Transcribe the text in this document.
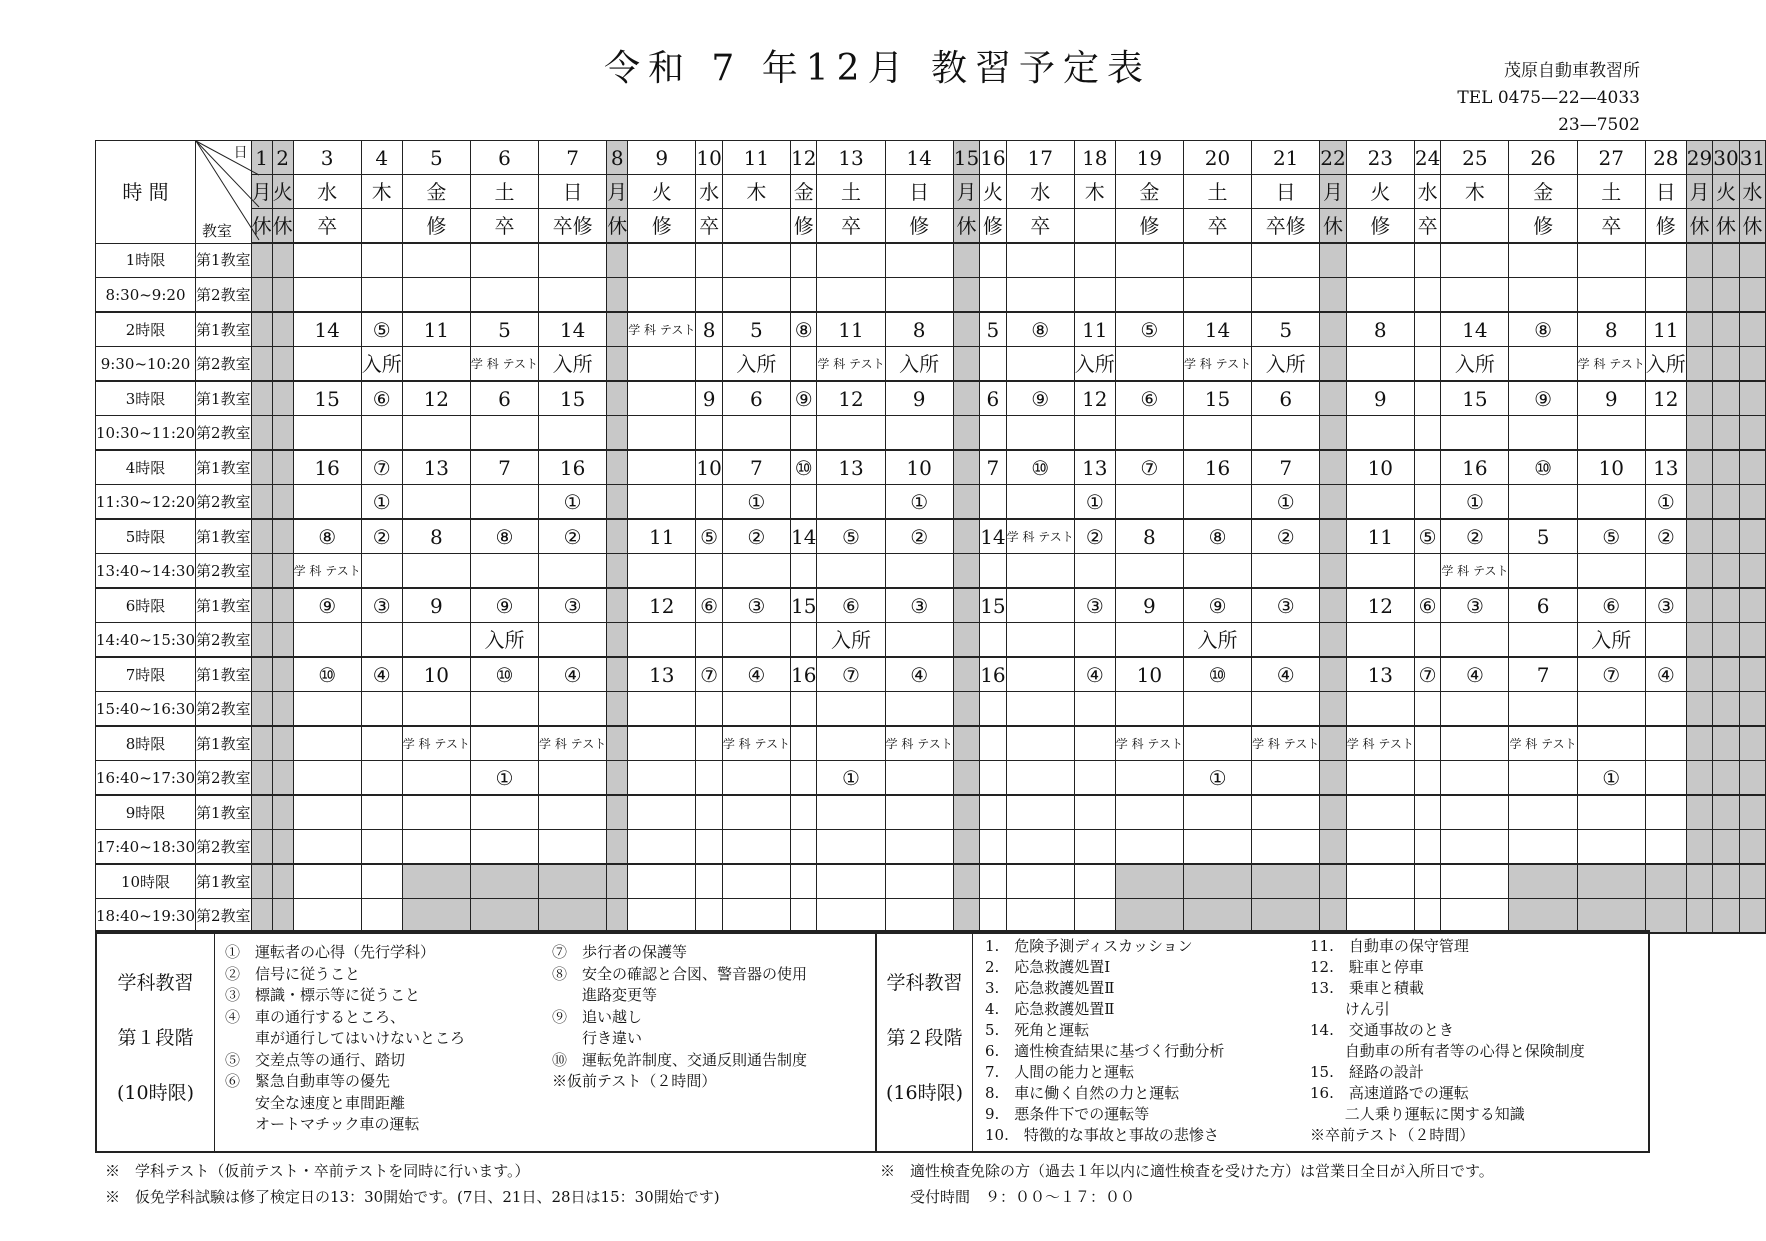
令和 7 年12月 教習予定表	茂原自動車教習所
TEL 0475—22—4033
23—7502
時 間	日
教室	1	2	3	4	5	6	7	8	9	10	11	12	13	14	15	16	17	18	19	20	21	22	23	24	25	26	27	28	29	30	31
		月	火	水	木	金	土	日	月	火	水	木	金	土	日	月	火	水	木	金	土	日	月	火	水	木	金	土	日	月	火	水
		休	休	卒		修	卒	卒修	休	修	卒		修	卒	修	休	修	卒		修	卒	卒修	休	修	卒		修	卒	修	休	休	休
1時限	第1教室																															
8:30~9:20	第2教室																															
2時限	第1教室			14	⑤	11	5	14		学 科 テスト	8	5	⑧	11	8		5	⑧	11	⑤	14	5		8		14	⑧	8	11			
9:30~10:20	第2教室				入所		学 科 テスト	入所				入所		学 科 テスト	入所				入所		学 科 テスト	入所				入所		学 科 テスト	入所			
3時限	第1教室			15	⑥	12	6	15			9	6	⑨	12	9		6	⑨	12	⑥	15	6		9		15	⑨	9	12			
10:30~11:20	第2教室																															
4時限	第1教室			16	⑦	13	7	16			10	7	⑩	13	10		7	⑩	13	⑦	16	7		10		16	⑩	10	13			
11:30~12:20	第2教室				①			①				①			①				①			①				①			①			
5時限	第1教室			⑧	②	8	⑧	②		11	⑤	②	14	⑤	②		14	学 科 テスト	②	8	⑧	②		11	⑤	②	5	⑤	②			
13:40~14:30	第2教室			学 科 テスト																						学 科 テスト						
6時限	第1教室			⑨	③	9	⑨	③		12	⑥	③	15	⑥	③		15		③	9	⑨	③		12	⑥	③	6	⑥	③			
14:40~15:30	第2教室						入所							入所							入所							入所				
7時限	第1教室			⑩	④	10	⑩	④		13	⑦	④	16	⑦	④		16		④	10	⑩	④		13	⑦	④	7	⑦	④			
15:40~16:30	第2教室																															
8時限	第1教室					学 科 テスト		学 科 テスト				学 科 テスト			学 科 テスト					学 科 テスト		学 科 テスト		学 科 テスト			学 科 テスト					
16:40~17:30	第2教室						①							①							①							①				
9時限	第1教室																															
17:40~18:30	第2教室																															
10時限	第1教室																															
18:40~19:30	第2教室																															
学科教習
第１段階
(10時限)
①　運転者の心得（先行学科）
②　信号に従うこと
③　標識・標示等に従うこと
④　車の通行するところ、
　　車が通行してはいけないところ
⑤　交差点等の通行、踏切
⑥　緊急自動車等の優先
　　安全な速度と車間距離
　　オートマチック車の運転
⑦　歩行者の保護等
⑧　安全の確認と合図、警音器の使用
　　進路変更等
⑨　追い越し
　　行き違い
⑩　運転免許制度、交通反則通告制度
※仮前テスト（２時間）
学科教習
第２段階
(16時限)
1.　危険予測ディスカッション
2.　応急救護処置Ⅰ
3.　応急救護処置Ⅱ
4.　応急救護処置Ⅱ
5.　死角と運転
6.　適性検査結果に基づく行動分析
7.　人間の能力と運転
8.　車に働く自然の力と運転
9.　悪条件下での運転等
10.　特徴的な事故と事故の悲惨さ
11.　自動車の保守管理
12.　駐車と停車
13.　乗車と積載
　　 けん引
14.　交通事故のとき
　　 自動車の所有者等の心得と保険制度
15.　経路の設計
16.　高速道路での運転
　　 二人乗り運転に関する知識
※卒前テスト（２時間）
※　学科テスト（仮前テスト・卒前テストを同時に行います。）
※　仮免学科試験は修了検定日の13：30開始です。(7日、21日、28日は15：30開始です)
※　適性検査免除の方（過去１年以内に適性検査を受けた方）は営業日全日が入所日です。
　　受付時間　９：００～１７：００
